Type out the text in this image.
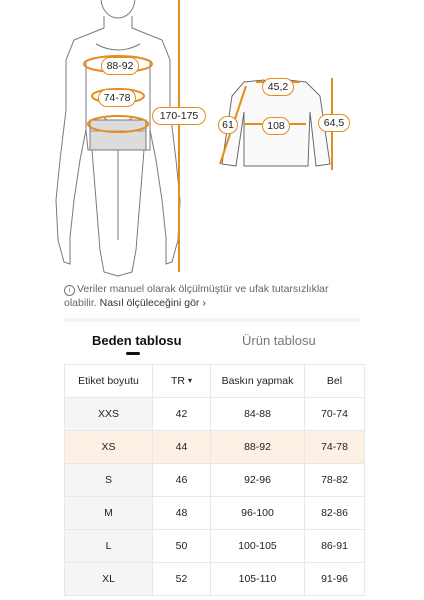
88-92
74-78
170-175
45,2
61	108	64,5
i Veriler manuel olarak ölçülmüştür ve ufak tutarsızlıklar olabilir. Nasıl ölçüleceğini gör ›
Beden tablosu	Ürün tablosu
Etiket boyutu	TR ▾	Baskın yapmak	Bel
XXS	42	84-88	70-74
XS	44	88-92	74-78
S	46	92-96	78-82
M	48	96-100	82-86
L	50	100-105	86-91
XL	52	105-110	91-96
